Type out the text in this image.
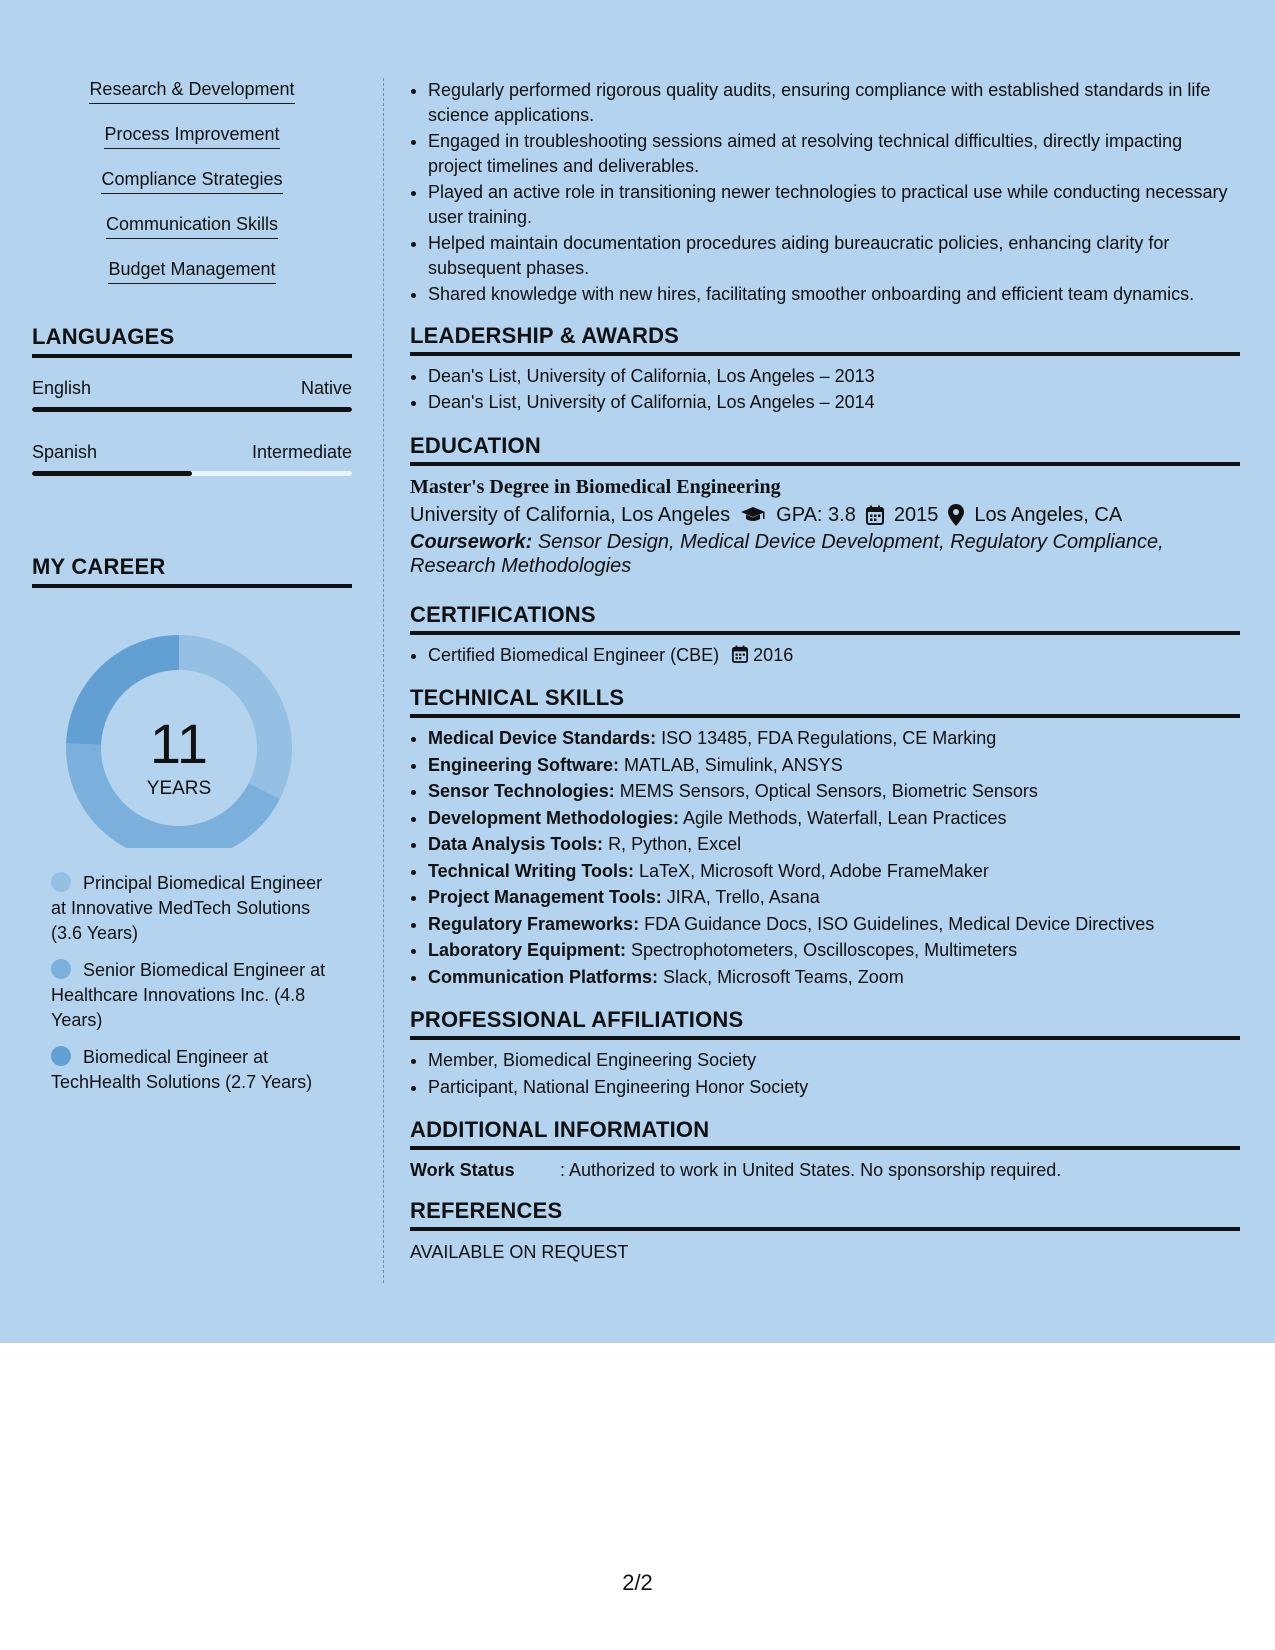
Research & Development
Process Improvement
Compliance Strategies
Communication Skills
Budget Management
LANGUAGES
English	Native
Spanish	Intermediate
MY CAREER
11
YEARS
Principal Biomedical Engineer at Innovative MedTech Solutions (3.6 Years)
Senior Biomedical Engineer at Healthcare Innovations Inc. (4.8 Years)
Biomedical Engineer at TechHealth Solutions (2.7 Years)
• Regularly performed rigorous quality audits, ensuring compliance with established standards in life science applications.
• Engaged in troubleshooting sessions aimed at resolving technical difficulties, directly impacting project timelines and deliverables.
• Played an active role in transitioning newer technologies to practical use while conducting necessary user training.
• Helped maintain documentation procedures aiding bureaucratic policies, enhancing clarity for subsequent phases.
• Shared knowledge with new hires, facilitating smoother onboarding and efficient team dynamics.
LEADERSHIP & AWARDS
• Dean's List, University of California, Los Angeles – 2013
• Dean's List, University of California, Los Angeles – 2014
EDUCATION
Master's Degree in Biomedical Engineering
University of California, Los Angeles GPA: 3.8 2015 Los Angeles, CA
Coursework: Sensor Design, Medical Device Development, Regulatory Compliance, Research Methodologies
CERTIFICATIONS
• Certified Biomedical Engineer (CBE) 2016
TECHNICAL SKILLS
• Medical Device Standards: ISO 13485, FDA Regulations, CE Marking
• Engineering Software: MATLAB, Simulink, ANSYS
• Sensor Technologies: MEMS Sensors, Optical Sensors, Biometric Sensors
• Development Methodologies: Agile Methods, Waterfall, Lean Practices
• Data Analysis Tools: R, Python, Excel
• Technical Writing Tools: LaTeX, Microsoft Word, Adobe FrameMaker
• Project Management Tools: JIRA, Trello, Asana
• Regulatory Frameworks: FDA Guidance Docs, ISO Guidelines, Medical Device Directives
• Laboratory Equipment: Spectrophotometers, Oscilloscopes, Multimeters
• Communication Platforms: Slack, Microsoft Teams, Zoom
PROFESSIONAL AFFILIATIONS
• Member, Biomedical Engineering Society
• Participant, National Engineering Honor Society
ADDITIONAL INFORMATION
Work Status	: Authorized to work in United States. No sponsorship required.
REFERENCES
AVAILABLE ON REQUEST
2/2
